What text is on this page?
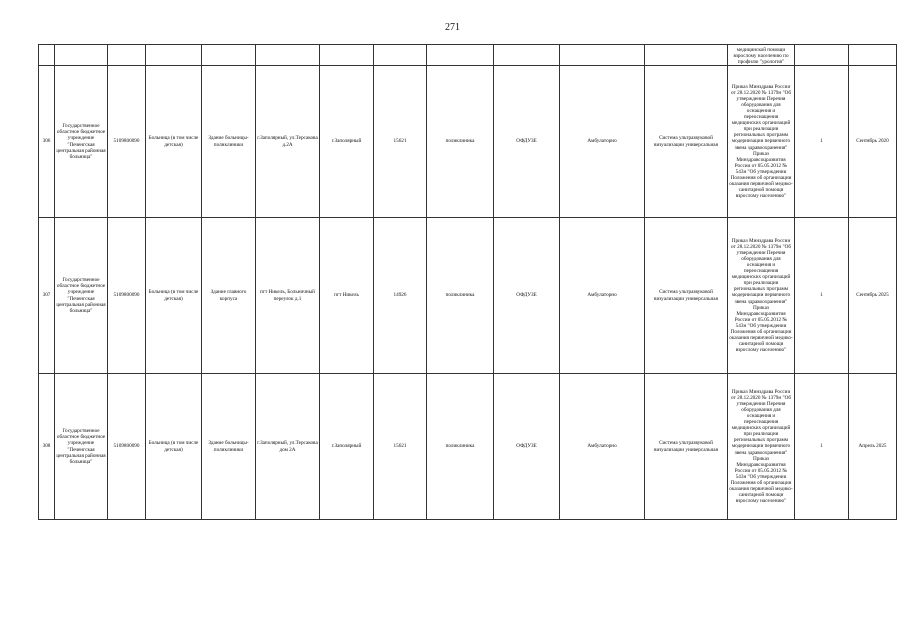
271
												медицинской помощи взрослому населению по профилю "урология"		
306	Государственное областное бюджетное учреждение "Печенгская центральная районная больница"	5109800090	Больница (в том числе детская)	Здание больницы-поликлиники	г.Заполярный, ул.Терсакова д.2А	г.Заполярный	15621	поликлиника	ОФДУЗЕ	Амбулаторно	Система ультразвуковой визуализации универсальная	Приказ Минздрава России от 28.12.2020 № 1379н "Об утверждении Перечня оборудования для оснащения и переоснащения медицинских организаций при реализации региональных программ модернизации первичного звена здравоохранения" Приказ Минздравсоцразвития России от 05.05.2012 № 543н "Об утверждении Положения об организации оказания первичной медико-санитарной помощи взрослому населению"	1	Сентябрь 2020
307	Государственное областное бюджетное учреждение "Печенгская центральная районная больница"	5109800090	Больница (в том числе детская)	Здание главного корпуса	пгт Никель, Больничный переулок д.1	пгт Никель	14926	поликлиника	ОФДУЗЕ	Амбулаторно	Система ультразвуковой визуализации универсальная	Приказ Минздрава России от 28.12.2020 № 1379н "Об утверждении Перечня оборудования для оснащения и переоснащения медицинских организаций при реализации региональных программ модернизации первичного звена здравоохранения" Приказ Минздравсоцразвития России от 05.05.2012 № 543н "Об утверждении Положения об организации оказания первичной медико-санитарной помощи взрослому населению"	1	Сентябрь 2025
308	Государственное областное бюджетное учреждение "Печенгская центральная районная больница"	5109800090	Больница (в том числе детская)	Здание больницы-поликлиники	г.Заполярный, ул.Терсакова дом 2А	г.Заполярный	15621	поликлиника	ОФДУЗЕ	Амбулаторно	Система ультразвуковой визуализации универсальная	Приказ Минздрава России от 28.12.2020 № 1379н "Об утверждении Перечня оборудования для оснащения и переоснащения медицинских организаций при реализации региональных программ модернизации первичного звена здравоохранения" Приказ Минздравсоцразвития России от 05.05.2012 № 543н "Об утверждении Положения об организации оказания первичной медико-санитарной помощи взрослому населению"	1	Апрель 2025
